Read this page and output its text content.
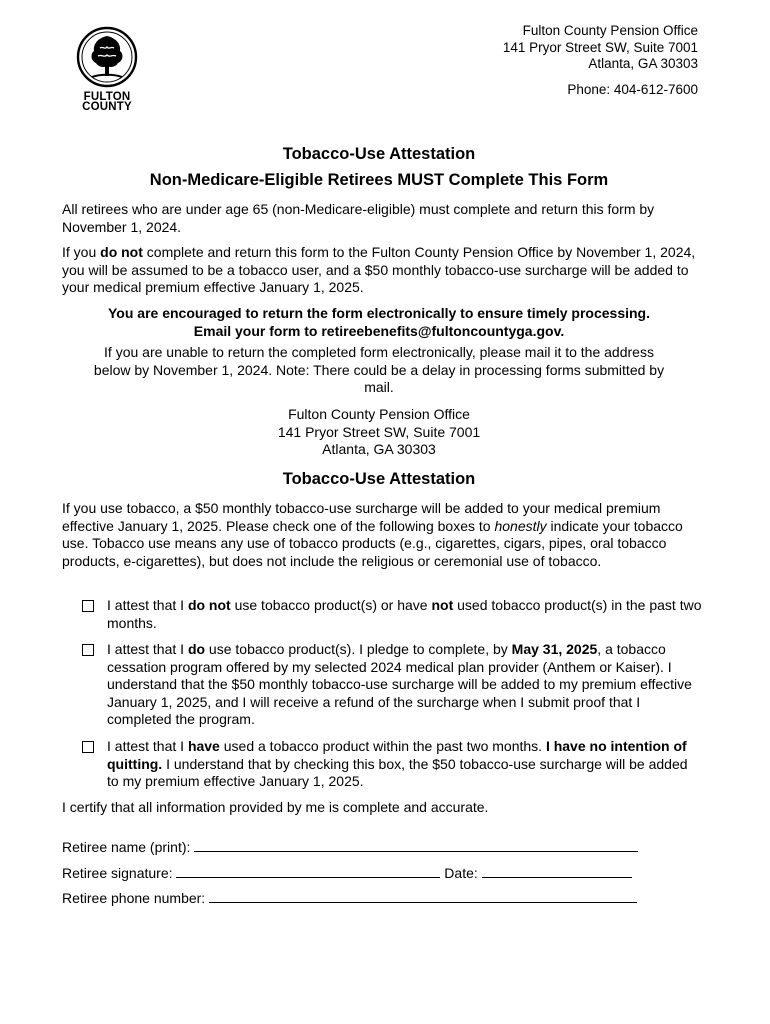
FULTON
COUNTY
Fulton County Pension Office
141 Pryor Street SW, Suite 7001
Atlanta, GA 30303
Phone: 404-612-7600
Tobacco-Use Attestation
Non-Medicare-Eligible Retirees MUST Complete This Form
All retirees who are under age 65 (non-Medicare-eligible) must complete and return this form by November 1, 2024.
If you do not complete and return this form to the Fulton County Pension Office by November 1, 2024, you will be assumed to be a tobacco user, and a $50 monthly tobacco-use surcharge will be added to your medical premium effective January 1, 2025.
You are encouraged to return the form electronically to ensure timely processing.
Email your form to retireebenefits@fultoncountyga.gov.
If you are unable to return the completed form electronically, please mail it to the address below by November 1, 2024. Note: There could be a delay in processing forms submitted by mail.
Fulton County Pension Office
141 Pryor Street SW, Suite 7001
Atlanta, GA 30303
Tobacco-Use Attestation
If you use tobacco, a $50 monthly tobacco-use surcharge will be added to your medical premium effective January 1, 2025. Please check one of the following boxes to honestly indicate your tobacco use. Tobacco use means any use of tobacco products (e.g., cigarettes, cigars, pipes, oral tobacco products, e-cigarettes), but does not include the religious or ceremonial use of tobacco.
I attest that I do not use tobacco product(s) or have not used tobacco product(s) in the past two months.
I attest that I do use tobacco product(s). I pledge to complete, by May 31, 2025, a tobacco cessation program offered by my selected 2024 medical plan provider (Anthem or Kaiser). I understand that the $50 monthly tobacco-use surcharge will be added to my premium effective January 1, 2025, and I will receive a refund of the surcharge when I submit proof that I completed the program.
I attest that I have used a tobacco product within the past two months. I have no intention of quitting. I understand that by checking this box, the $50 tobacco-use surcharge will be added to my premium effective January 1, 2025.
I certify that all information provided by me is complete and accurate.
Retiree name (print):
Retiree signature:	Date:
Retiree phone number:
